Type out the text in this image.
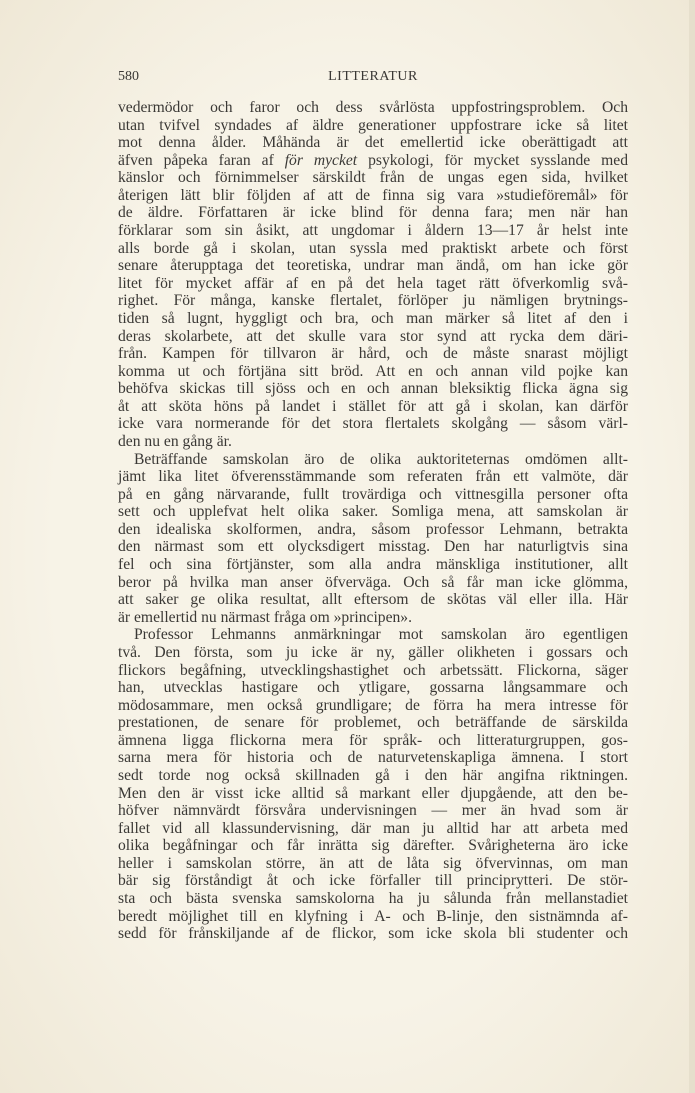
580	LITTERATUR
vedermödor och faror och dess svårlösta uppfostringsproblem. Och
utan tvifvel syndades af äldre generationer uppfostrare icke så litet
mot denna ålder. Måhända är det emellertid icke oberättigadt att
äfven påpeka faran af för mycket psykologi, för mycket sysslande med
känslor och förnimmelser särskildt från de ungas egen sida, hvilket
återigen lätt blir följden af att de finna sig vara »studieföremål» för
de äldre. Författaren är icke blind för denna fara; men när han
förklarar som sin åsikt, att ungdomar i åldern 13—17 år helst inte
alls borde gå i skolan, utan syssla med praktiskt arbete och först
senare återupptaga det teoretiska, undrar man ändå, om han icke gör
litet för mycket affär af en på det hela taget rätt öfverkomlig svå-
righet. För många, kanske flertalet, förlöper ju nämligen brytnings-
tiden så lugnt, hyggligt och bra, och man märker så litet af den i
deras skolarbete, att det skulle vara stor synd att rycka dem däri-
från. Kampen för tillvaron är hård, och de måste snarast möjligt
komma ut och förtjäna sitt bröd. Att en och annan vild pojke kan
behöfva skickas till sjöss och en och annan bleksiktig flicka ägna sig
åt att sköta höns på landet i stället för att gå i skolan, kan därför
icke vara normerande för det stora flertalets skolgång — såsom värl-
den nu en gång är.
Beträffande samskolan äro de olika auktoriteternas omdömen allt-
jämt lika litet öfverensstämmande som referaten från ett valmöte, där
på en gång närvarande, fullt trovärdiga och vittnesgilla personer ofta
sett och upplefvat helt olika saker. Somliga mena, att samskolan är
den idealiska skolformen, andra, såsom professor Lehmann, betrakta
den närmast som ett olycksdigert misstag. Den har naturligtvis sina
fel och sina förtjänster, som alla andra mänskliga institutioner, allt
beror på hvilka man anser öfverväga. Och så får man icke glömma,
att saker ge olika resultat, allt eftersom de skötas väl eller illa. Här
är emellertid nu närmast fråga om »principen».
Professor Lehmanns anmärkningar mot samskolan äro egentligen
två. Den första, som ju icke är ny, gäller olikheten i gossars och
flickors begåfning, utvecklingshastighet och arbetssätt. Flickorna, säger
han, utvecklas hastigare och ytligare, gossarna långsammare och
mödosammare, men också grundligare; de förra ha mera intresse för
prestationen, de senare för problemet, och beträffande de särskilda
ämnena ligga flickorna mera för språk- och litteraturgruppen, gos-
sarna mera för historia och de naturvetenskapliga ämnena. I stort
sedt torde nog också skillnaden gå i den här angifna riktningen.
Men den är visst icke alltid så markant eller djupgående, att den be-
höfver nämnvärdt försvåra undervisningen — mer än hvad som är
fallet vid all klassundervisning, där man ju alltid har att arbeta med
olika begåfningar och får inrätta sig därefter. Svårigheterna äro icke
heller i samskolan större, än att de låta sig öfvervinnas, om man
bär sig förståndigt åt och icke förfaller till principrytteri. De stör-
sta och bästa svenska samskolorna ha ju sålunda från mellanstadiet
beredt möjlighet till en klyfning i A- och B-linje, den sistnämnda af-
sedd för frånskiljande af de flickor, som icke skola bli studenter och
